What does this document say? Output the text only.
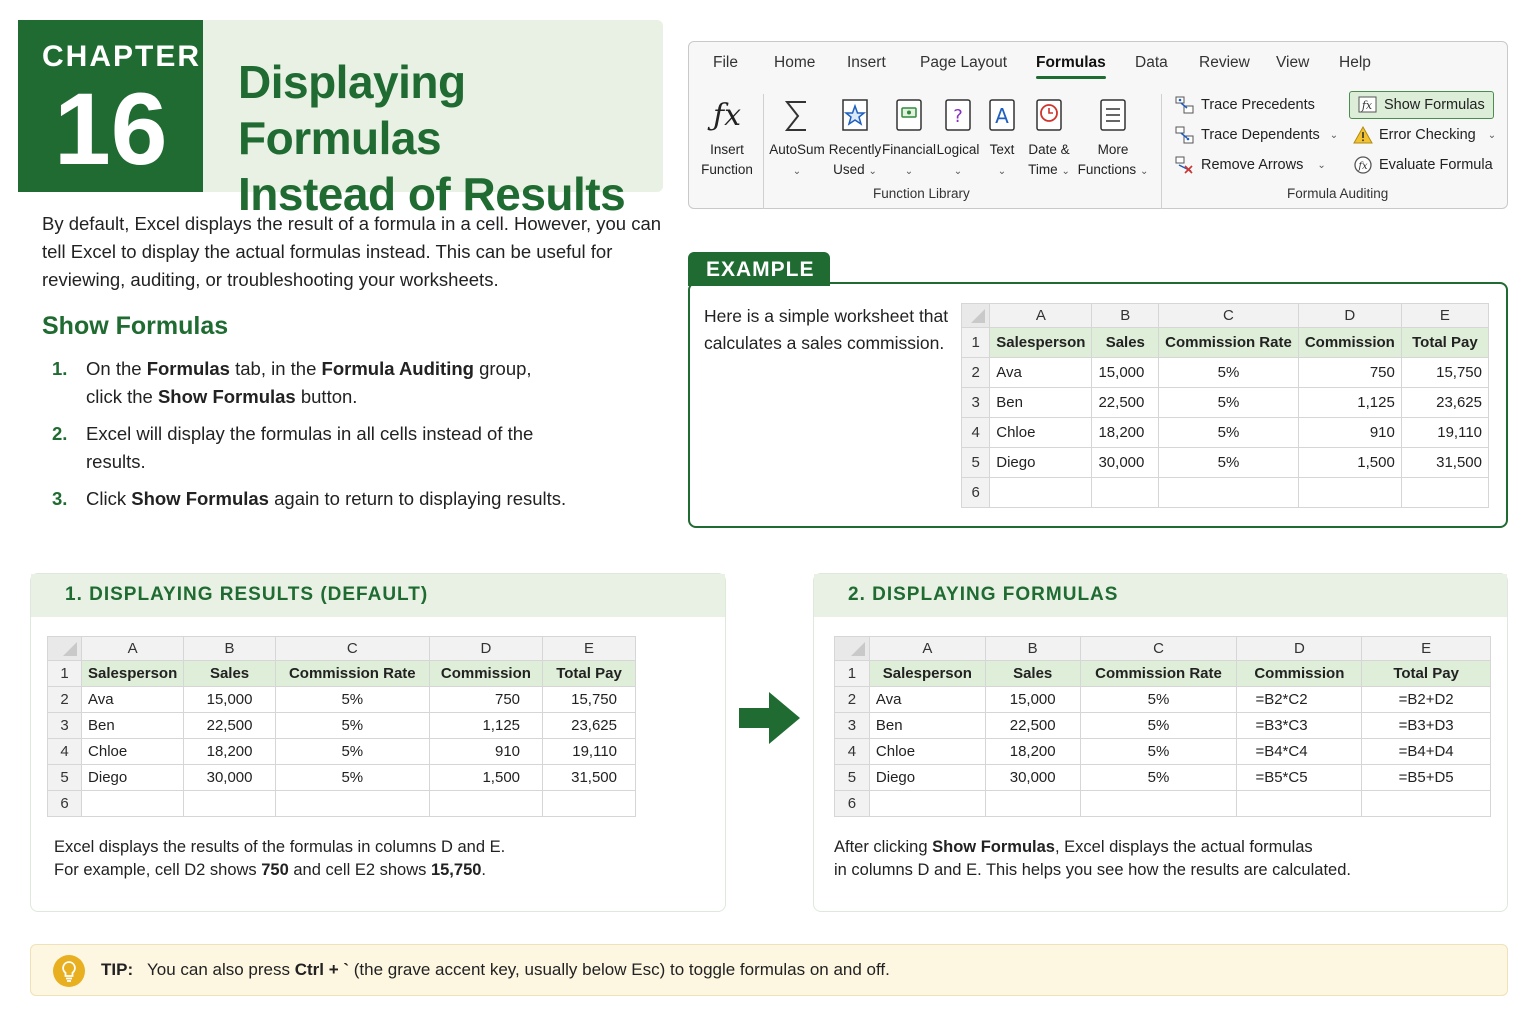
CHAPTER
16 Displaying Formulas
Instead of Results

By default, Excel displays the result of a formula in a cell. However, you can tell Excel to display the actual formulas instead. This can be useful for reviewing, auditing, or troubleshooting your worksheets.

Show Formulas
1. On the Formulas tab, in the Formula Auditing group, click the Show Formulas button.
2. Excel will display the formulas in all cells instead of the results.
3. Click Show Formulas again to return to displaying results.
File Home Insert Page Layout Formulas Data Review View Help
ƒx
Insert
Function
AutoSum
⌄
Recently
Used ⌄
Financial
⌄
?
Logical
⌄
A
Text
⌄
Date &
Time ⌄
More
Functions ⌄
Function Library
Trace Precedents
Trace Dependents ⌄
Remove Arrows ⌄
fx Show Formulas
Error Checking ⌄
fx Evaluate Formula
Formula Auditing
EXAMPLE

Here is a simple worksheet that calculates a sales commission.

	A	B	C	D	E
1	Salesperson	Sales	Commission Rate	Commission	Total Pay
2	Ava	15,000	5%	750	15,750
3	Ben	22,500	5%	1,125	23,625
4	Chloe	18,200	5%	910	19,110
5	Diego	30,000	5%	1,500	31,500
6					
1. DISPLAYING RESULTS (DEFAULT)
	A	B	C	D	E
1	Salesperson	Sales	Commission Rate	Commission	Total Pay
2	Ava	15,000	5%	750	15,750
3	Ben	22,500	5%	1,125	23,625
4	Chloe	18,200	5%	910	19,110
5	Diego	30,000	5%	1,500	31,500
6					
Excel displays the results of the formulas in columns D and E.
For example, cell D2 shows 750 and cell E2 shows 15,750.
2. DISPLAYING FORMULAS
	A	B	C	D	E
1	Salesperson	Sales	Commission Rate	Commission	Total Pay
2	Ava	15,000	5%	=B2*C2	=B2+D2
3	Ben	22,500	5%	=B3*C3	=B3+D3
4	Chloe	18,200	5%	=B4*C4	=B4+D4
5	Diego	30,000	5%	=B5*C5	=B5+D5
6					
After clicking Show Formulas, Excel displays the actual formulas
in columns D and E. This helps you see how the results are calculated.
TIP: You can also press Ctrl + ` (the grave accent key, usually below Esc) to toggle formulas on and off.
